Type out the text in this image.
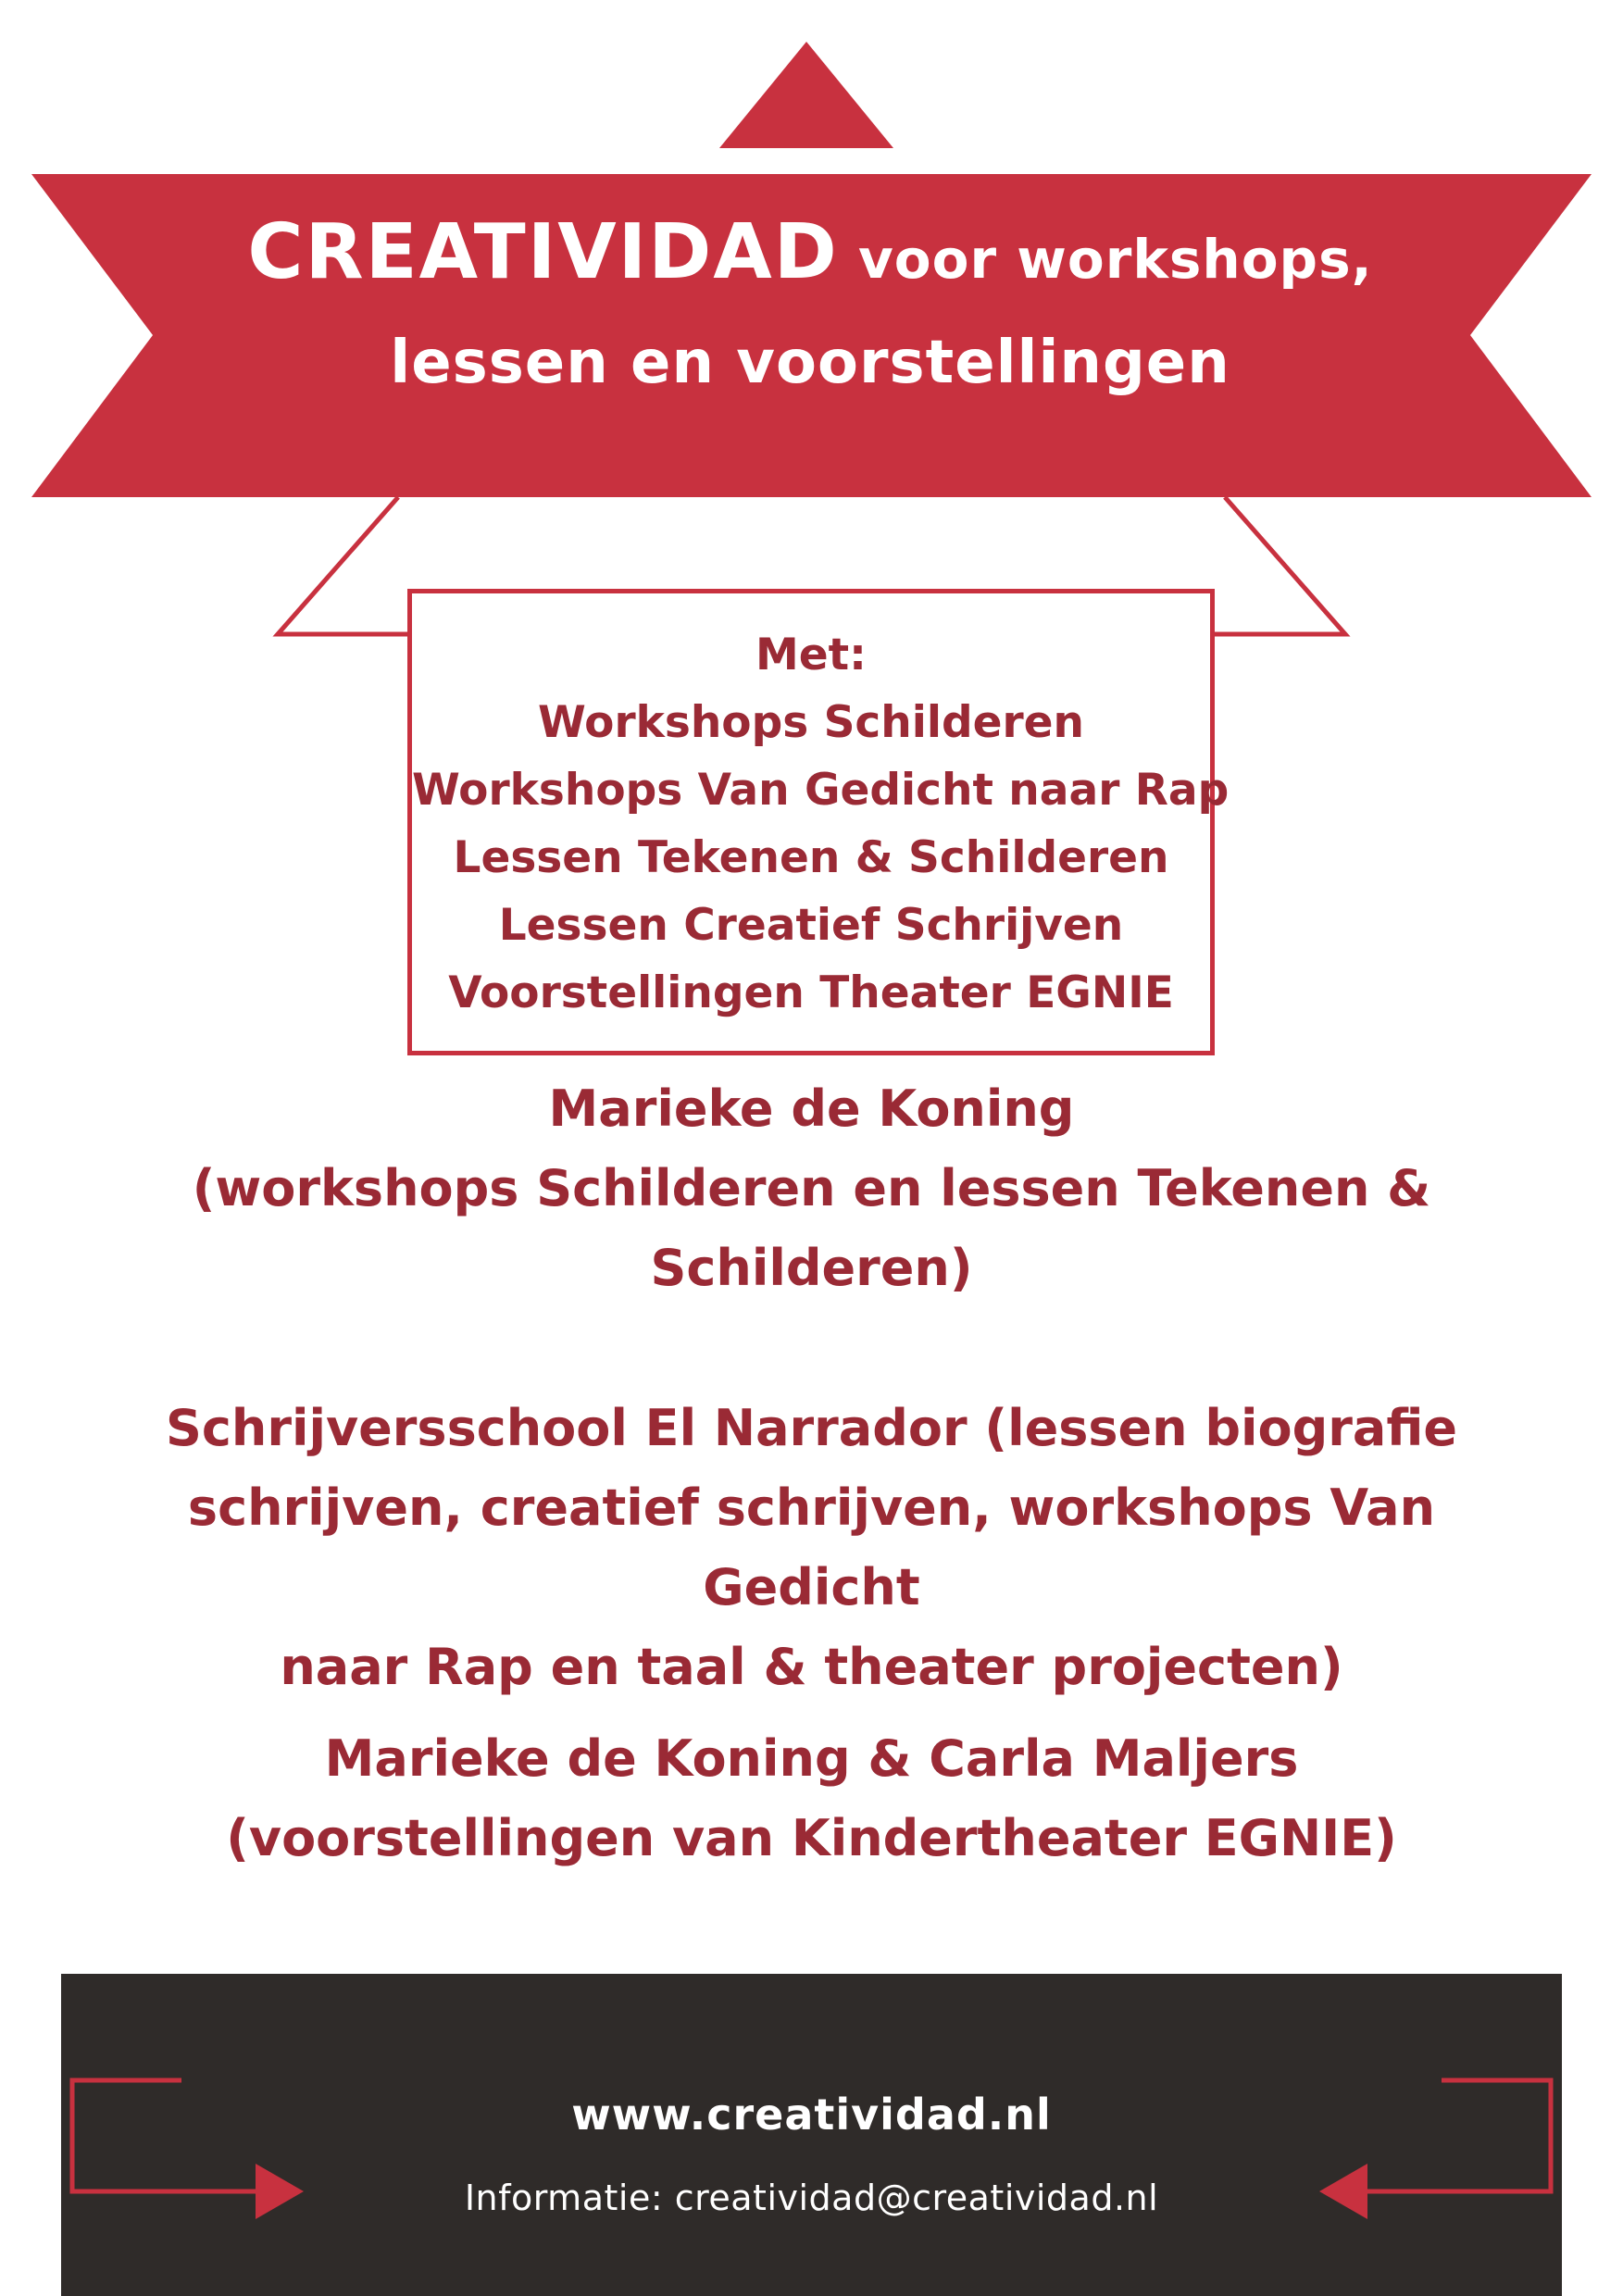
CREATIVIDAD voor workshops,
lessen en voorstellingen
Met:
Workshops Schilderen
Workshops Van Gedicht naar Rap
Lessen Tekenen & Schilderen
Lessen Creatief Schrijven
Voorstellingen Theater EGNIE
Marieke de Koning
(workshops Schilderen en lessen Tekenen &
Schilderen)
Schrijversschool El Narrador (lessen biografie
schrijven, creatief schrijven, workshops Van Gedicht
naar Rap en taal & theater projecten)
Marieke de Koning & Carla Maljers
(voorstellingen van Kindertheater EGNIE)
www.creatividad.nl
Informatie: creatividad@creatividad.nl
